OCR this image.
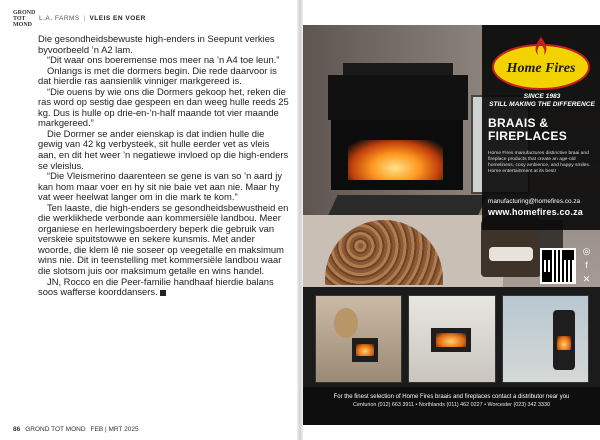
GROND
TOT
MOND
L.A. FARMS | VLEIS EN VOER

Die gesondheidsbewuste high-enders in Seepunt verkies byvoorbeeld ’n A2 lam.

“Dit waar ons boeremense mos meer na ’n A4 toe leun.”

Onlangs is met die dormers begin. Die rede daarvoor is dat hierdie ras aansienlik vinniger markgereed is.

“Die ouens by wie ons die Dormers gekoop het, reken die ras word op sestig dae gespeen en dan weeg hulle reeds 25 kg. Dus is hulle op drie-en-’n-half maande tot vier maande markgereed.”

Die Dormer se ander eienskap is dat indien hulle die gewig van 42 kg verbysteek, sit hulle eerder vet as vleis aan, en dit het weer ’n negatiewe invloed op die high-enders se vleislus.

“Die Vleismerino daarenteen se gene is van so ’n aard jy kan hom maar voer en hy sit nie baie vet aan nie. Maar hy vat weer heelwat langer om in die mark te kom.”

Ten laaste, die high-enders se gesondheidsbewustheid en die werklikhede verbonde aan kommersiële landbou. Meer organiese en herlewingsboerdery beperk die gebruik van verskeie spuitstowwe en sekere kunsmis. Met ander woorde, die klem lê nie soseer op veegetalle en maksimum wins nie. Dit in teenstelling met kommersiële landbou waar die slotsom juis oor maksimum getalle en wins handel.

JN, Rocco en die Peer-familie handhaaf hierdie balans soos wafferse koorddansers.

86 GROND TOT MOND FEB | MRT 2025
Home Fires
SINCE 1983
STILL MAKING THE DIFFERENCE
BRAAIS &
FIREPLACES
Home Fires manufactures distinctive braai and fireplace products that create an age-old homeliness, cosy ambience, and happy smiles. Home entertainment at its best!
manufacturing@homefires.co.za
www.homefires.co.za
◎
f
✕
For the finest selection of Home Fires braais and fireplaces contact a distributor near you
Centurion (012) 663 3911 • Northlands (011) 462 0227 • Worcester (023) 342 3330
